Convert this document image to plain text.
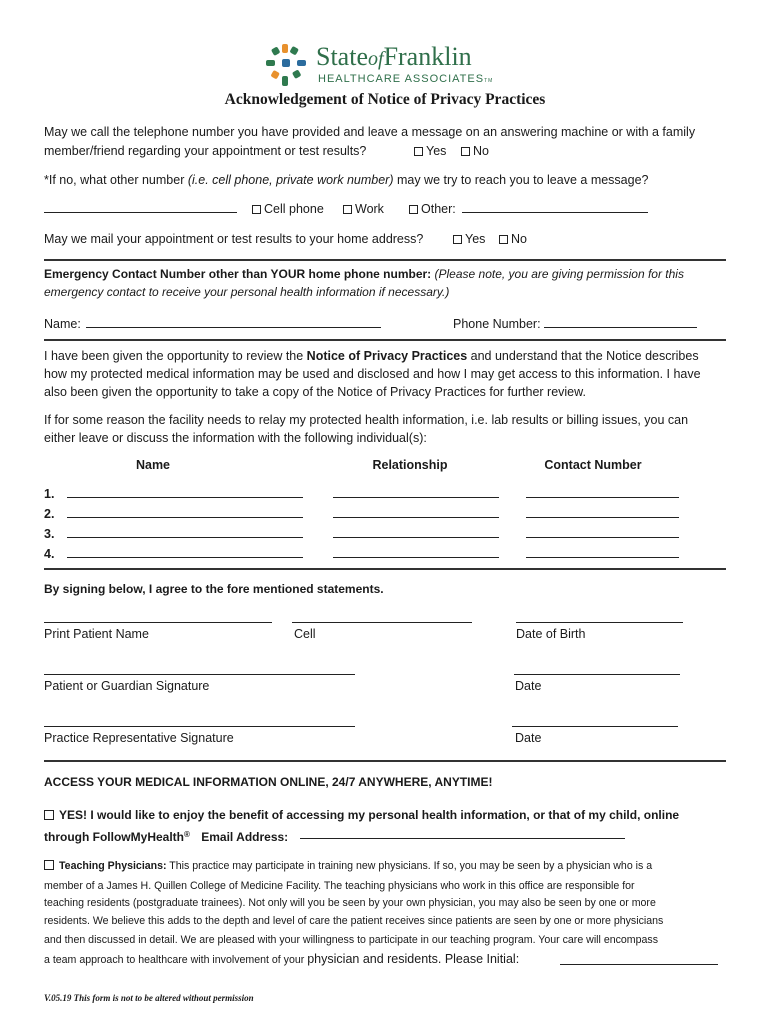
StateofFranklin
HEALTHCARE ASSOCIATESTM
Acknowledgement of Notice of Privacy Practices
May we call the telephone number you have provided and leave a message on an answering machine or with a family
member/friend regarding your appointment or test results?	Yes	No
*If no, what other number (i.e. cell phone, private work number) may we try to reach you to leave a message?
Cell phone	Work	Other:
May we mail your appointment or test results to your home address?	Yes	No
Emergency Contact Number other than YOUR home phone number: (Please note, you are giving permission for this
emergency contact to receive your personal health information if necessary.)
Name:	Phone Number:
I have been given the opportunity to review the Notice of Privacy Practices and understand that the Notice describes
how my protected medical information may be used and disclosed and how I may get access to this information. I have
also been given the opportunity to take a copy of the Notice of Privacy Practices for further review.
If for some reason the facility needs to relay my protected health information, i.e. lab results or billing issues, you can
either leave or discuss the information with the following individual(s):
Name	Relationship	Contact Number
1.
2.
3.
4.
By signing below, I agree to the fore mentioned statements.
Print Patient Name	Cell	Date of Birth
Patient or Guardian Signature	Date
Practice Representative Signature	Date
ACCESS YOUR MEDICAL INFORMATION ONLINE, 24/7 ANYWHERE, ANYTIME!
YES! I would like to enjoy the benefit of accessing my personal health information, or that of my child, online
through FollowMyHealth® Email Address:
Teaching Physicians: This practice may participate in training new physicians. If so, you may be seen by a physician who is a
member of a James H. Quillen College of Medicine Facility. The teaching physicians who work in this office are responsible for
teaching residents (postgraduate trainees). Not only will you be seen by your own physician, you may also be seen by one or more
residents. We believe this adds to the depth and level of care the patient receives since patients are seen by one or more physicians
and then discussed in detail. We are pleased with your willingness to participate in our teaching program. Your care will encompass
a team approach to healthcare with involvement of your physician and residents. Please Initial:
V.05.19 This form is not to be altered without permission
